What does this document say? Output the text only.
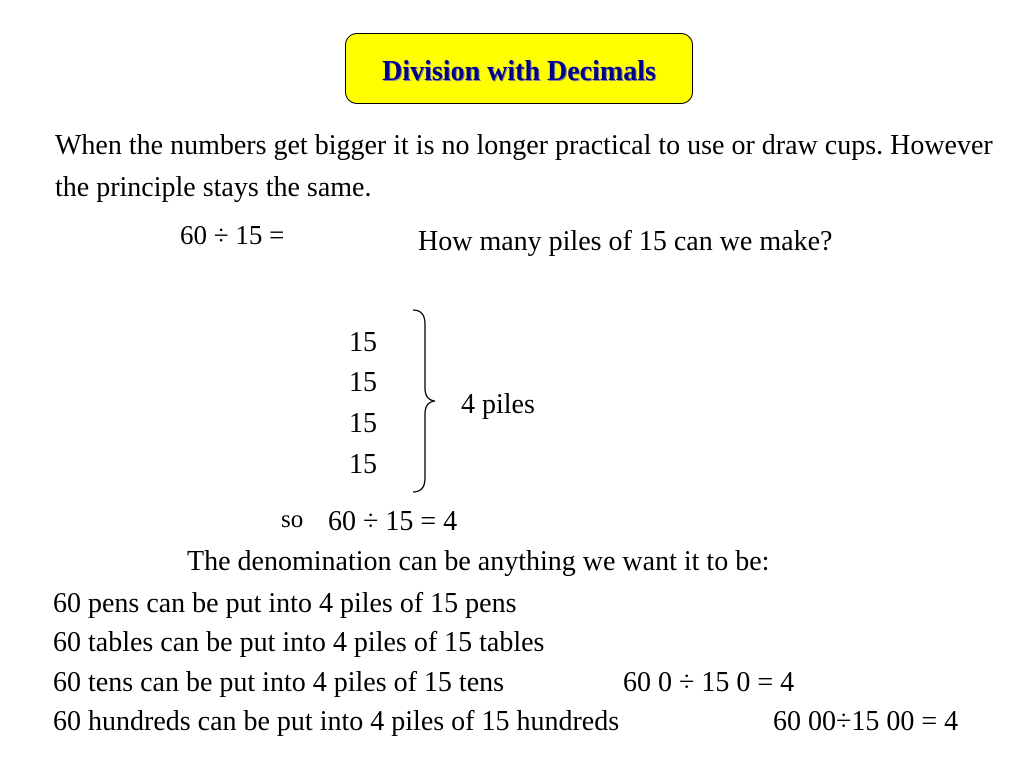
Division with Decimals
When the numbers get bigger it is no longer practical to use or draw cups. However the principle stays the same.
60 ÷ 15 =	How many piles of 15 can we make?
15
15
15
15
4 piles
so 60 ÷ 15 = 4
The denomination can be anything we want it to be:
60 pens can be put into 4 piles of 15 pens
60 tables can be put into 4 piles of 15 tables
60 tens can be put into 4 piles of 15 tens	60 0 ÷ 15 0 = 4
60 hundreds can be put into 4 piles of 15 hundreds	60 00÷15 00 = 4
